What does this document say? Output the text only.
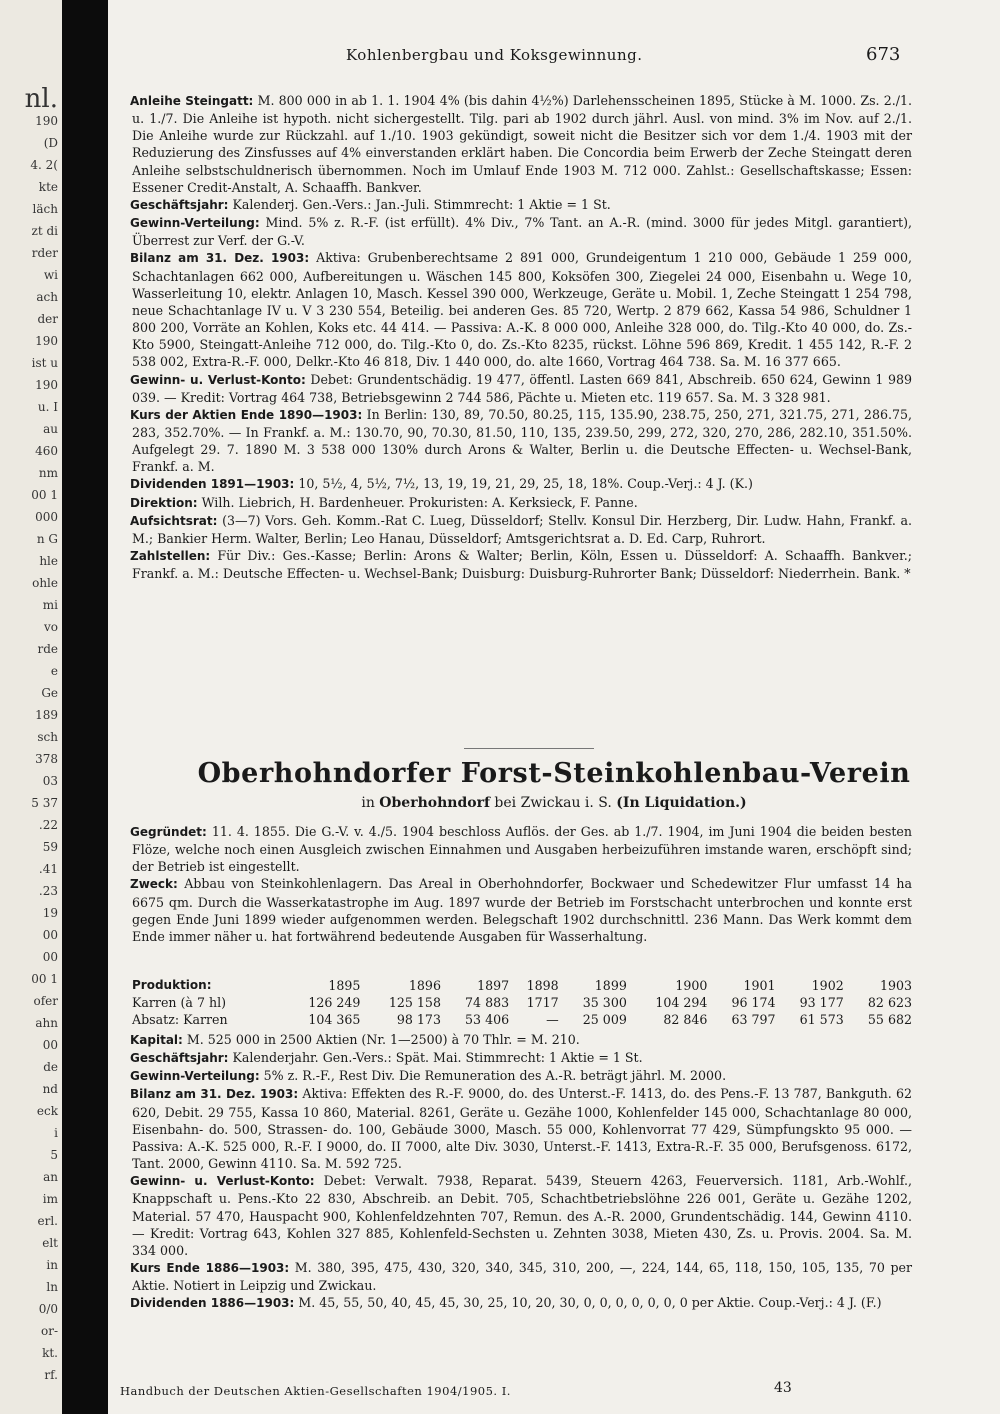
nl.
190
(D
4. 2(
kte
läch
zt di
rder
wi
ach
der
190
ist u
190
u. I
au
460
nm
00 1
000
n G
hle
ohle
mi
vo
rde
e
Ge
189
sch
378
03
5 37
.22
59
.41
.23
19
00
00
00 1
ofer
ahn
00
de
nd
eck
i
5
an
im
erl.
elt
in
ln
0/0
or-
kt.
rf.
Kohlenbergbau und Koksgewinnung.	673

Anleihe Steingatt: M. 800 000 in ab 1. 1. 1904 4% (bis dahin 4½%) Darlehensscheinen 1895, Stücke à M. 1000. Zs. 2./1. u. 1./7. Die Anleihe ist hypoth. nicht sichergestellt. Tilg. pari ab 1902 durch jährl. Ausl. von mind. 3% im Nov. auf 2./1. Die Anleihe wurde zur Rückzahl. auf 1./10. 1903 gekündigt, soweit nicht die Besitzer sich vor dem 1./4. 1903 mit der Reduzierung des Zinsfusses auf 4% einverstanden erklärt haben. Die Concordia beim Erwerb der Zeche Steingatt deren Anleihe selbstschuldnerisch übernommen. Noch im Umlauf Ende 1903 M. 712 000. Zahlst.: Gesellschaftskasse; Essen: Essener Credit-Anstalt, A. Schaaffh. Bankver.

Geschäftsjahr: Kalenderj. Gen.-Vers.: Jan.-Juli. Stimmrecht: 1 Aktie = 1 St.

Gewinn-Verteilung: Mind. 5% z. R.-F. (ist erfüllt). 4% Div., 7% Tant. an A.-R. (mind. 3000 für jedes Mitgl. garantiert), Überrest zur Verf. der G.-V.

Bilanz am 31. Dez. 1903: Aktiva: Grubenberechtsame 2 891 000, Grundeigentum 1 210 000, Gebäude 1 259 000, Schachtanlagen 662 000, Aufbereitungen u. Wäschen 145 800, Koksöfen 300, Ziegelei 24 000, Eisenbahn u. Wege 10, Wasserleitung 10, elektr. Anlagen 10, Masch. Kessel 390 000, Werkzeuge, Geräte u. Mobil. 1, Zeche Steingatt 1 254 798, neue Schachtanlage IV u. V 3 230 554, Beteilig. bei anderen Ges. 85 720, Wertp. 2 879 662, Kassa 54 986, Schuldner 1 800 200, Vorräte an Kohlen, Koks etc. 44 414. — Passiva: A.-K. 8 000 000, Anleihe 328 000, do. Tilg.-Kto 40 000, do. Zs.-Kto 5900, Steingatt-Anleihe 712 000, do. Tilg.-Kto 0, do. Zs.-Kto 8235, rückst. Löhne 596 869, Kredit. 1 455 142, R.-F. 2 538 002, Extra-R.-F. 000, Delkr.-Kto 46 818, Div. 1 440 000, do. alte 1660, Vortrag 464 738. Sa. M. 16 377 665.

Gewinn- u. Verlust-Konto: Debet: Grundentschädig. 19 477, öffentl. Lasten 669 841, Abschreib. 650 624, Gewinn 1 989 039. — Kredit: Vortrag 464 738, Betriebsgewinn 2 744 586, Pächte u. Mieten etc. 119 657. Sa. M. 3 328 981.

Kurs der Aktien Ende 1890—1903: In Berlin: 130, 89, 70.50, 80.25, 115, 135.90, 238.75, 250, 271, 321.75, 271, 286.75, 283, 352.70%. — In Frankf. a. M.: 130.70, 90, 70.30, 81.50, 110, 135, 239.50, 299, 272, 320, 270, 286, 282.10, 351.50%. Aufgelegt 29. 7. 1890 M. 3 538 000 130% durch Arons & Walter, Berlin u. die Deutsche Effecten- u. Wechsel-Bank, Frankf. a. M.

Dividenden 1891—1903: 10, 5½, 4, 5½, 7½, 13, 19, 19, 21, 29, 25, 18, 18%. Coup.-Verj.: 4 J. (K.)

Direktion: Wilh. Liebrich, H. Bardenheuer. Prokuristen: A. Kerksieck, F. Panne.

Aufsichtsrat: (3—7) Vors. Geh. Komm.-Rat C. Lueg, Düsseldorf; Stellv. Konsul Dir. Herzberg, Dir. Ludw. Hahn, Frankf. a. M.; Bankier Herm. Walter, Berlin; Leo Hanau, Düsseldorf; Amtsgerichtsrat a. D. Ed. Carp, Ruhrort.

Zahlstellen: Für Div.: Ges.-Kasse; Berlin: Arons & Walter; Berlin, Köln, Essen u. Düsseldorf: A. Schaaffh. Bankver.; Frankf. a. M.: Deutsche Effecten- u. Wechsel-Bank; Duisburg: Duisburg-Ruhrorter Bank; Düsseldorf: Niederrhein. Bank. *

Oberhohndorfer Forst-Steinkohlenbau-Verein
in Oberhohndorf bei Zwickau i. S. (In Liquidation.)

Gegründet: 11. 4. 1855. Die G.-V. v. 4./5. 1904 beschloss Auflös. der Ges. ab 1./7. 1904, im Juni 1904 die beiden besten Flöze, welche noch einen Ausgleich zwischen Einnahmen und Ausgaben herbeizuführen imstande waren, erschöpft sind; der Betrieb ist eingestellt.

Zweck: Abbau von Steinkohlenlagern. Das Areal in Oberhohndorfer, Bockwaer und Schedewitzer Flur umfasst 14 ha 6675 qm. Durch die Wasserkatastrophe im Aug. 1897 wurde der Betrieb im Forstschacht unterbrochen und konnte erst gegen Ende Juni 1899 wieder aufgenommen werden. Belegschaft 1902 durchschnittl. 236 Mann. Das Werk kommt dem Ende immer näher u. hat fortwährend bedeutende Ausgaben für Wasserhaltung.

Produktion:	1895	1896	1897	1898	1899	1900	1901	1902	1903
Karren (à 7 hl)	126 249	125 158	74 883	1717	35 300	104 294	96 174	93 177	82 623
Absatz: Karren	104 365	98 173	53 406	—	25 009	82 846	63 797	61 573	55 682

Kapital: M. 525 000 in 2500 Aktien (Nr. 1—2500) à 70 Thlr. = M. 210.

Geschäftsjahr: Kalenderjahr. Gen.-Vers.: Spät. Mai. Stimmrecht: 1 Aktie = 1 St.

Gewinn-Verteilung: 5% z. R.-F., Rest Div. Die Remuneration des A.-R. beträgt jährl. M. 2000.

Bilanz am 31. Dez. 1903: Aktiva: Effekten des R.-F. 9000, do. des Unterst.-F. 1413, do. des Pens.-F. 13 787, Bankguth. 62 620, Debit. 29 755, Kassa 10 860, Material. 8261, Geräte u. Gezähe 1000, Kohlenfelder 145 000, Schachtanlage 80 000, Eisenbahn- do. 500, Strassen- do. 100, Gebäude 3000, Masch. 55 000, Kohlenvorrat 77 429, Sümpfungskto 95 000. — Passiva: A.-K. 525 000, R.-F. I 9000, do. II 7000, alte Div. 3030, Unterst.-F. 1413, Extra-R.-F. 35 000, Berufsgenoss. 6172, Tant. 2000, Gewinn 4110. Sa. M. 592 725.

Gewinn- u. Verlust-Konto: Debet: Verwalt. 7938, Reparat. 5439, Steuern 4263, Feuerversich. 1181, Arb.-Wohlf., Knappschaft u. Pens.-Kto 22 830, Abschreib. an Debit. 705, Schachtbetriebslöhne 226 001, Geräte u. Gezähe 1202, Material. 57 470, Hauspacht 900, Kohlenfeldzehnten 707, Remun. des A.-R. 2000, Grundentschädig. 144, Gewinn 4110. — Kredit: Vortrag 643, Kohlen 327 885, Kohlenfeld-Sechsten u. Zehnten 3038, Mieten 430, Zs. u. Provis. 2004. Sa. M. 334 000.

Kurs Ende 1886—1903: M. 380, 395, 475, 430, 320, 340, 345, 310, 200, —, 224, 144, 65, 118, 150, 105, 135, 70 per Aktie. Notiert in Leipzig und Zwickau.

Dividenden 1886—1903: M. 45, 55, 50, 40, 45, 45, 30, 25, 10, 20, 30, 0, 0, 0, 0, 0, 0, 0 per Aktie. Coup.-Verj.: 4 J. (F.)

Handbuch der Deutschen Aktien-Gesellschaften 1904/1905. I.	43
